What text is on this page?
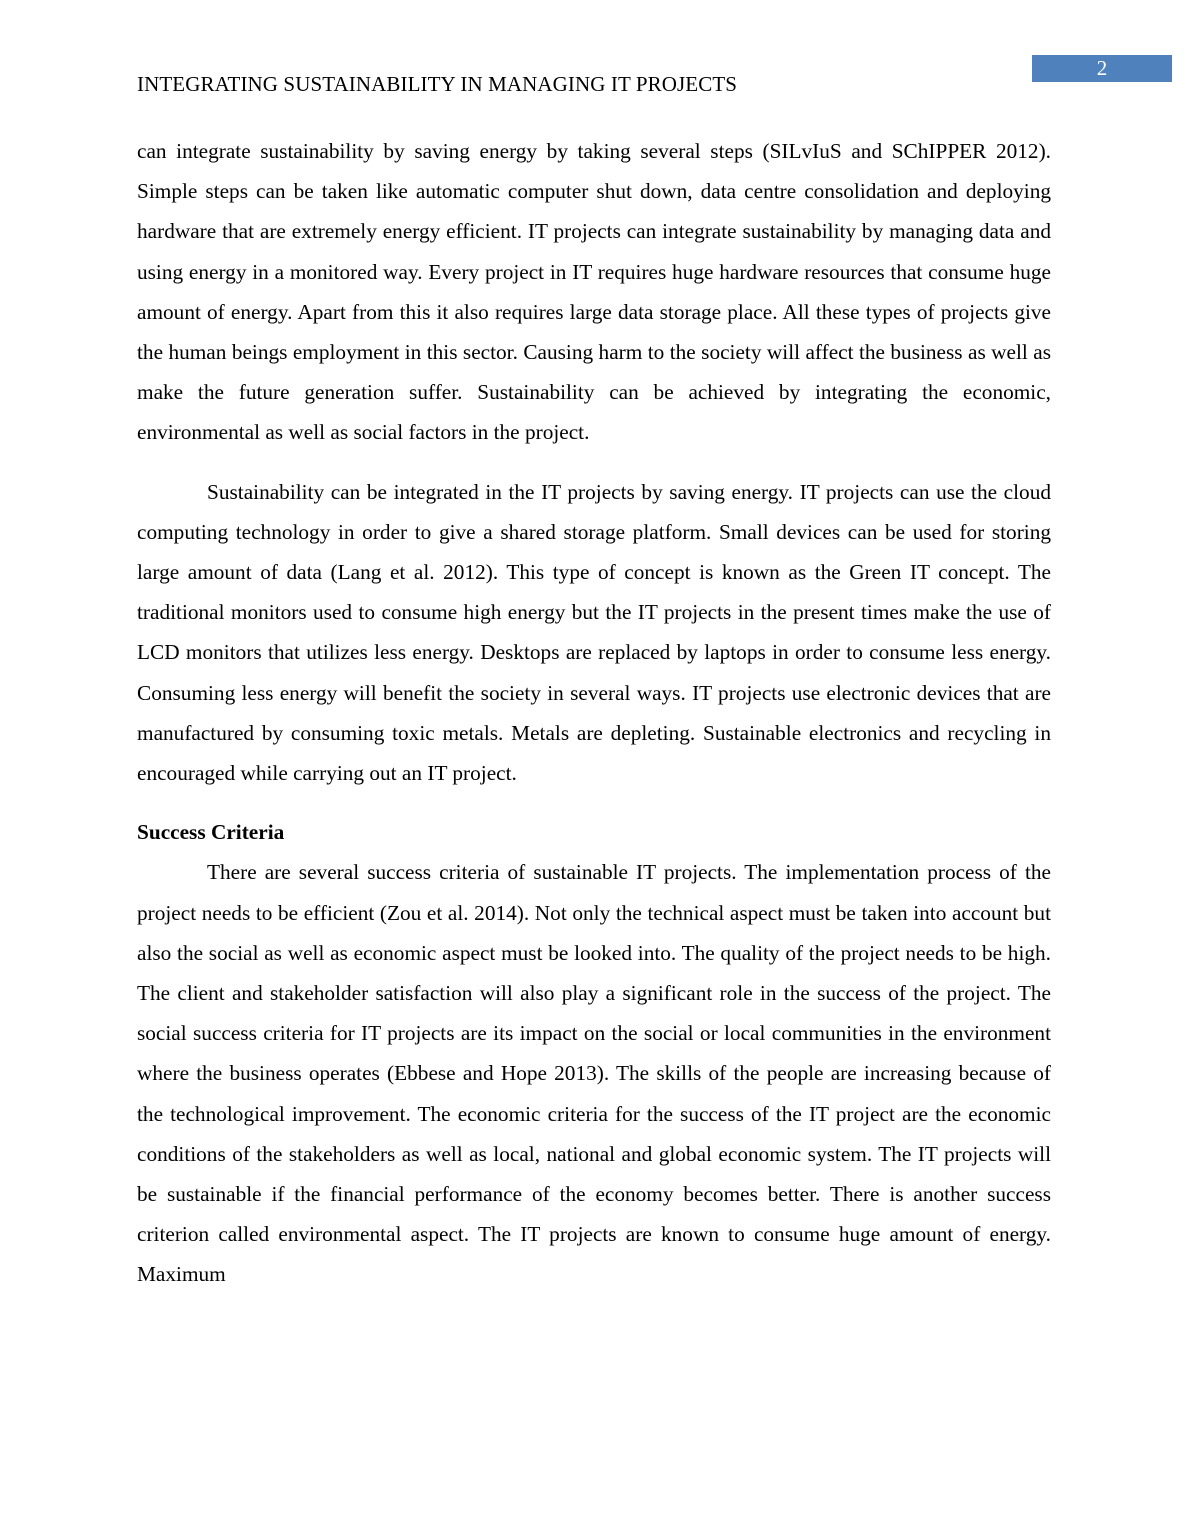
INTEGRATING SUSTAINABILITY IN MANAGING IT PROJECTS
2

can integrate sustainability by saving energy by taking several steps (SILvIuS and SChIPPER 2012). Simple steps can be taken like automatic computer shut down, data centre consolidation and deploying hardware that are extremely energy efficient. IT projects can integrate sustainability by managing data and using energy in a monitored way. Every project in IT requires huge hardware resources that consume huge amount of energy. Apart from this it also requires large data storage place. All these types of projects give the human beings employment in this sector. Causing harm to the society will affect the business as well as make the future generation suffer. Sustainability can be achieved by integrating the economic, environmental as well as social factors in the project.

Sustainability can be integrated in the IT projects by saving energy. IT projects can use the cloud computing technology in order to give a shared storage platform. Small devices can be used for storing large amount of data (Lang et al. 2012). This type of concept is known as the Green IT concept. The traditional monitors used to consume high energy but the IT projects in the present times make the use of LCD monitors that utilizes less energy. Desktops are replaced by laptops in order to consume less energy. Consuming less energy will benefit the society in several ways. IT projects use electronic devices that are manufactured by consuming toxic metals. Metals are depleting. Sustainable electronics and recycling in encouraged while carrying out an IT project.

Success Criteria

There are several success criteria of sustainable IT projects. The implementation process of the project needs to be efficient (Zou et al. 2014). Not only the technical aspect must be taken into account but also the social as well as economic aspect must be looked into. The quality of the project needs to be high. The client and stakeholder satisfaction will also play a significant role in the success of the project. The social success criteria for IT projects are its impact on the social or local communities in the environment where the business operates (Ebbese and Hope 2013). The skills of the people are increasing because of the technological improvement. The economic criteria for the success of the IT project are the economic conditions of the stakeholders as well as local, national and global economic system. The IT projects will be sustainable if the financial performance of the economy becomes better. There is another success criterion called environmental aspect. The IT projects are known to consume huge amount of energy. Maximum
